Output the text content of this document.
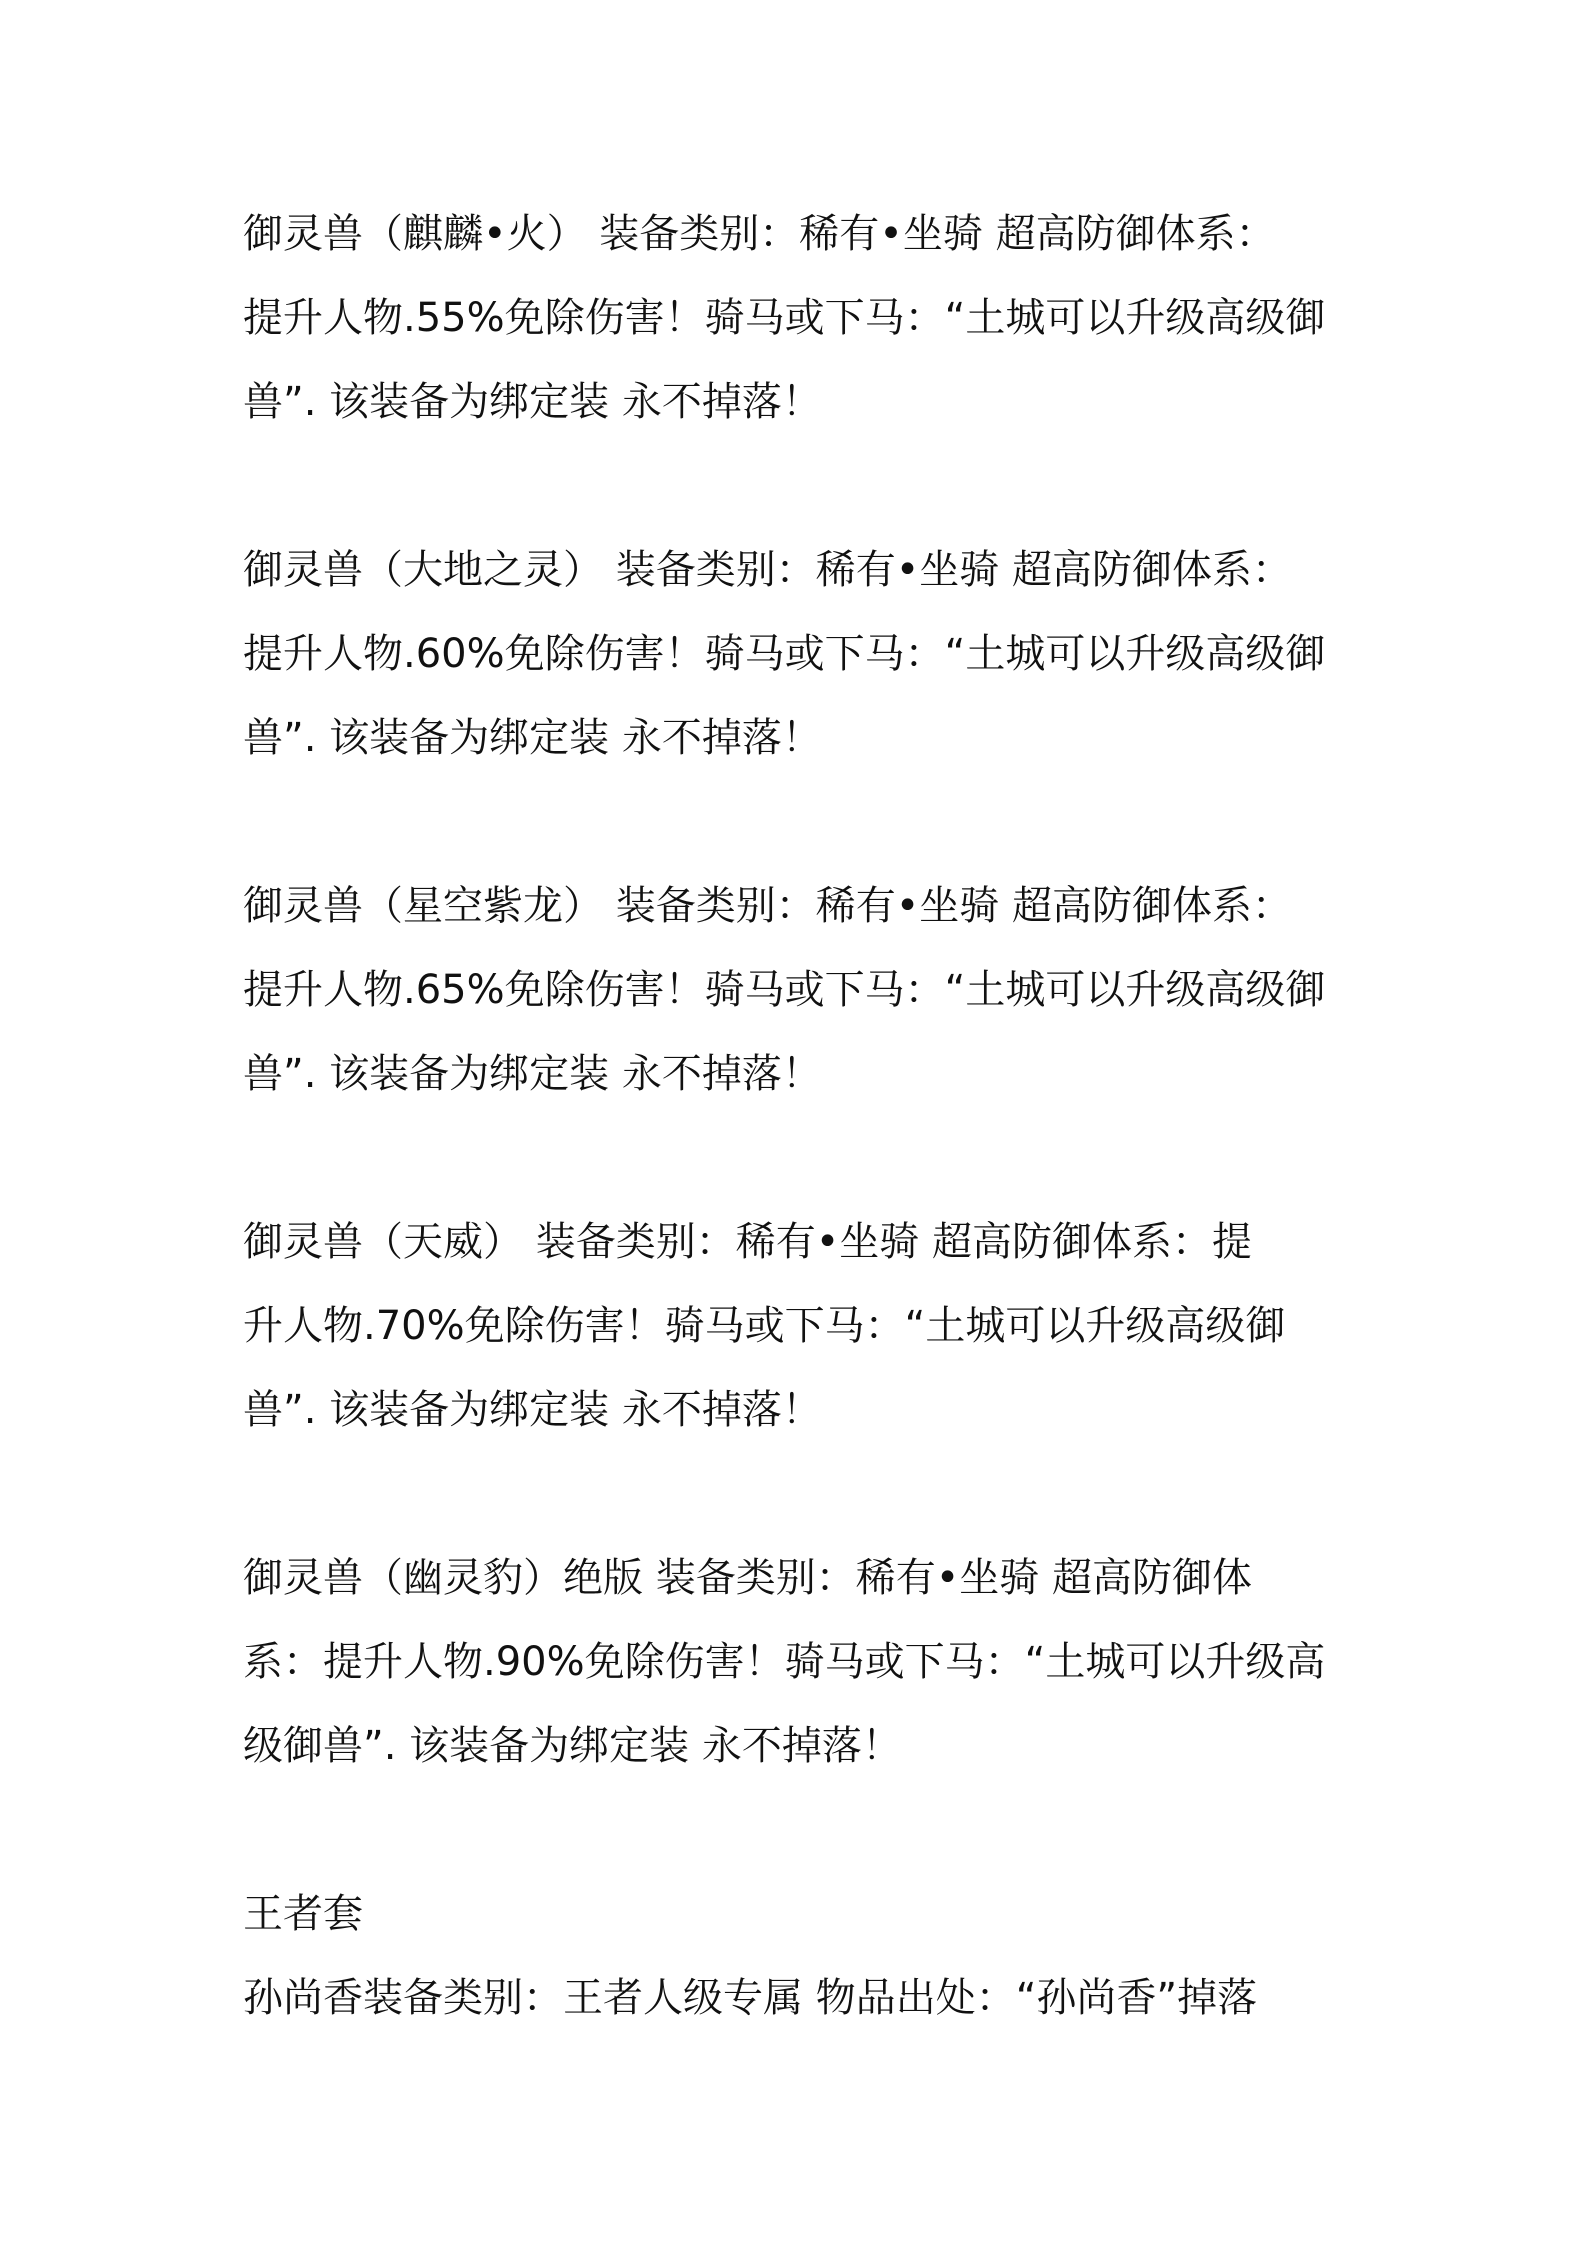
御灵兽（麒麟•火） 装备类别：稀有•坐骑 超高防御体系：
提升人物.55%免除伤害！骑马或下马：“土城可以升级高级御
兽”. 该装备为绑定装 永不掉落！
御灵兽（大地之灵） 装备类别：稀有•坐骑 超高防御体系：
提升人物.60%免除伤害！骑马或下马：“土城可以升级高级御
兽”. 该装备为绑定装 永不掉落！
御灵兽（星空紫龙） 装备类别：稀有•坐骑 超高防御体系：
提升人物.65%免除伤害！骑马或下马：“土城可以升级高级御
兽”. 该装备为绑定装 永不掉落！
御灵兽（天威） 装备类别：稀有•坐骑 超高防御体系：提
升人物.70%免除伤害！骑马或下马：“土城可以升级高级御
兽”. 该装备为绑定装 永不掉落！
御灵兽（幽灵豹）绝版 装备类别：稀有•坐骑 超高防御体
系：提升人物.90%免除伤害！骑马或下马：“土城可以升级高
级御兽”. 该装备为绑定装 永不掉落！
王者套
孙尚香装备类别：王者人级专属 物品出处：“孙尚香”掉落
